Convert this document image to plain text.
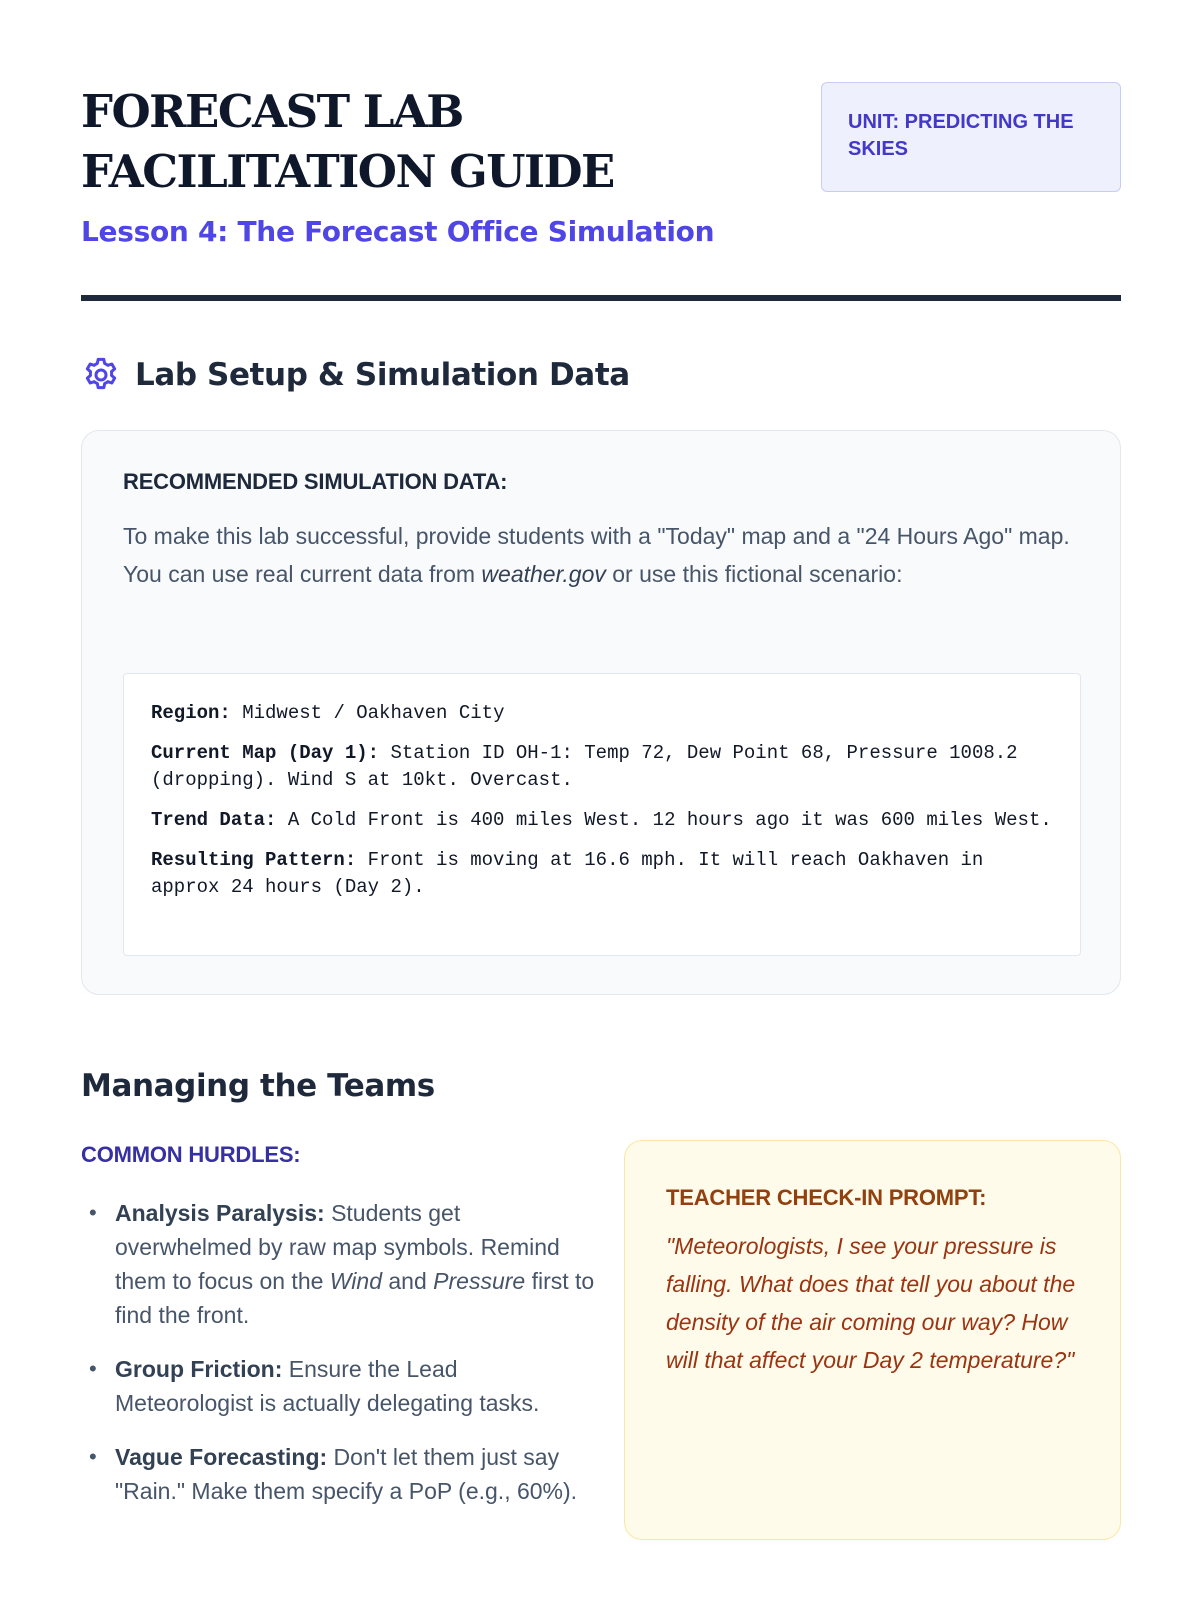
FORECAST LAB FACILITATION GUIDE
Lesson 4: The Forecast Office Simulation
UNIT: PREDICTING THE SKIES
Lab Setup & Simulation Data
RECOMMENDED SIMULATION DATA:

To make this lab successful, provide students with a "Today" map and a "24 Hours Ago" map. You can use real current data from weather.gov or use this fictional scenario:

Region: Midwest / Oakhaven City
Current Map (Day 1): Station ID OH-1: Temp 72, Dew Point 68, Pressure 1008.2 (dropping). Wind S at 10kt. Overcast.
Trend Data: A Cold Front is 400 miles West. 12 hours ago it was 600 miles West.
Resulting Pattern: Front is moving at 16.6 mph. It will reach Oakhaven in approx 24 hours (Day 2).
Managing the Teams
COMMON HURDLES:
• Analysis Paralysis: Students get overwhelmed by raw map symbols. Remind them to focus on the Wind and Pressure first to find the front.
• Group Friction: Ensure the Lead Meteorologist is actually delegating tasks.
• Vague Forecasting: Don't let them just say "Rain." Make them specify a PoP (e.g., 60%).
TEACHER CHECK-IN PROMPT:

"Meteorologists, I see your pressure is falling. What does that tell you about the density of the air coming our way? How will that affect your Day 2 temperature?"
